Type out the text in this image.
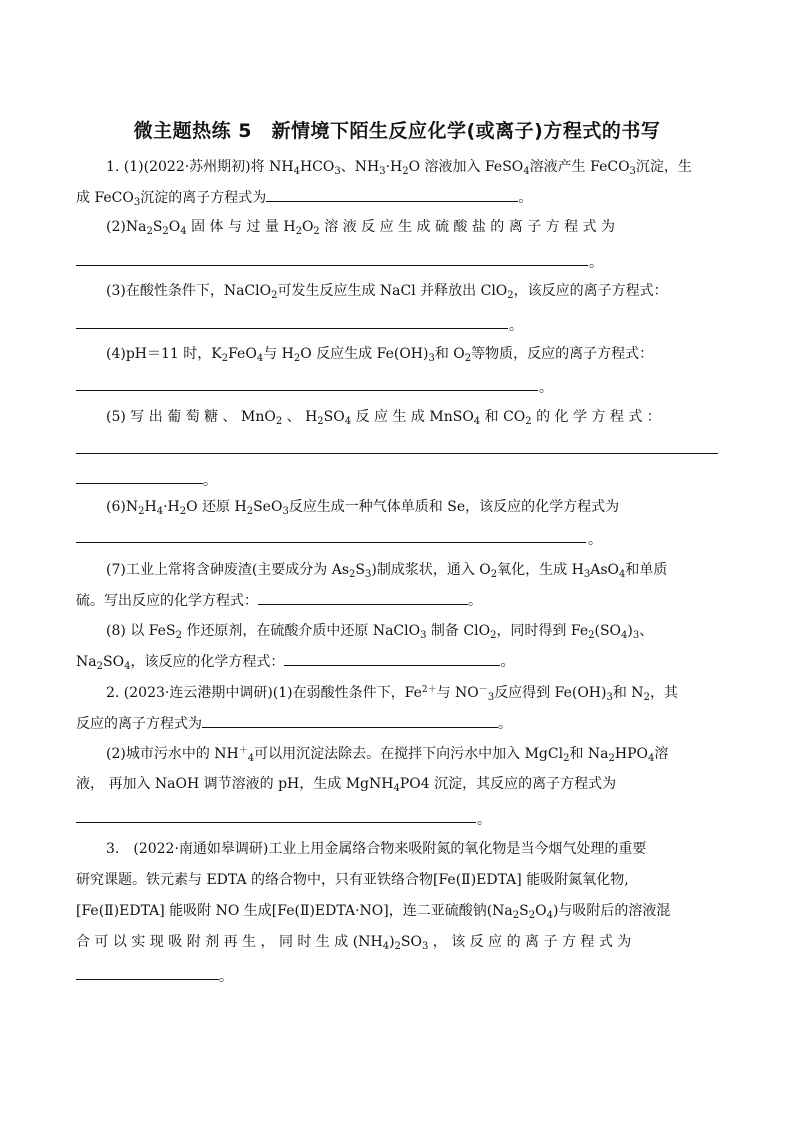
微主题热练 5　新情境下陌生反应化学(或离子)方程式的书写
1. (1)(2022·苏州期初)将 $NH_4HCO_3$、$NH_3\cdot H_2O$ 溶液加入 FeSO$_4$溶液产生 FeCO$_3$沉淀，生
成 FeCO$_3$沉淀的离子方程式为	。
$(2)Na_2S_2O_4$ 固 体 与 过 量 $H_2O_2$ 溶 液 反 应 生 成 硫 酸 盐 的 离 子 方 程 式 为
。
(3)在酸性条件下，NaClO$_2$可发生反应生成 NaCl 并释放出 ClO$_2$，该反应的离子方程式：
。
(4)pH＝11 时，$K_2FeO_4$与 $H_2O$ 反应生成 $Fe(OH)_3$和 $O_2$等物质，反应的离子方程式：
。
(5) 写 出 葡 萄 糖 、 MnO$_2$ 、 $H_2SO_4$ 反 应 生 成 MnSO$_4$ 和 $CO_2$ 的 化 学 方 程 式 ：
。
$(6)N_2H_4\cdot H_2O$ 还原 $H_2SeO_3$反应生成一种气体单质和 Se，该反应的化学方程式为
。
(7)工业上常将含砷废渣(主要成分为 $As_2S_3$)制成浆状，通入 $O_2$氧化，生成 $H_3AsO_4$和单质
硫。写出反应的化学方程式：	。
(8) 以 FeS$_2$ 作还原剂，在硫酸介质中还原 NaClO$_3$ 制备 ClO$_2$，同时得到 $Fe_2(SO_4)_3$、
$Na_2SO_4$，该反应的化学方程式：	。
2. (2023·连云港期中调研)(1)在弱酸性条件下，$Fe^{2+}$与 $NO^-_3$反应得到 $Fe(OH)_3$和 $N_2$，其
反应的离子方程式为	。
(2)城市污水中的 $NH^+_4$可以用沉淀法除去。在搅拌下向污水中加入 MgCl$_2$和 $Na_2HPO_4$溶
液， 再加入 NaOH 调节溶液的 pH，生成 MgNH$_4$PO4 沉淀，其反应的离子方程式为
。
3.　(2022·南通如皋调研)工业上用金属络合物来吸附氮的氧化物是当今烟气处理的重要
研究课题。铁元素与 EDTA 的络合物中，只有亚铁络合物[Fe(Ⅱ)EDTA] 能吸附氮氧化物,
[Fe(Ⅱ)EDTA] 能吸附 NO 生成[Fe(Ⅱ)EDTA·NO]，连二亚硫酸钠$(Na_2S_2O_4)$与吸附后的溶液混
合 可 以 实 现 吸 附 剂 再 生 ， 同 时 生 成 $(NH_4)_2SO_3$ ， 该 反 应 的 离 子 方 程 式 为
。
